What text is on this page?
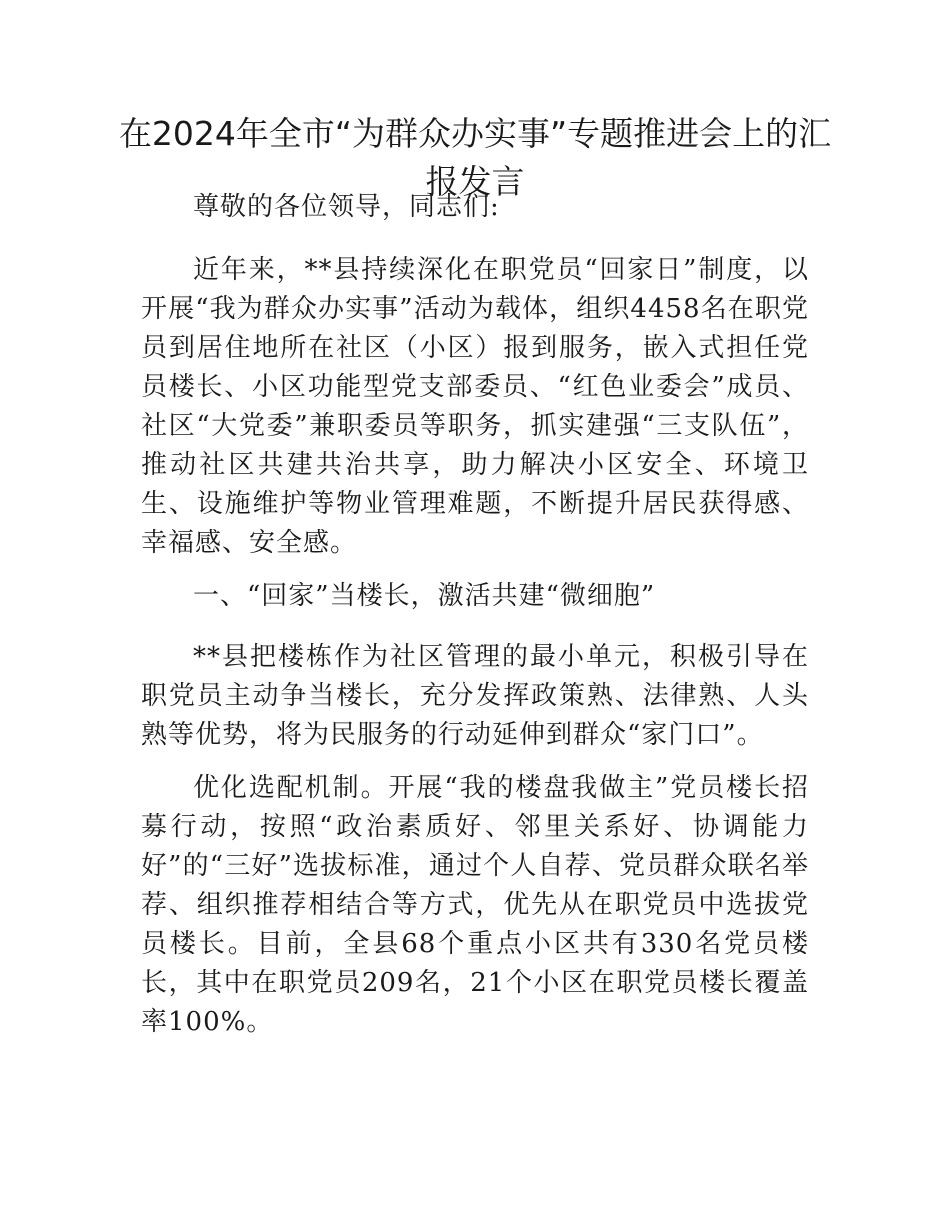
在2024年全市“为群众办实事”专题推进会上的汇报发言

尊敬的各位领导，同志们:

近年来，**县持续深化在职党员“回家日”制度，以开展“我为群众办实事”活动为载体，组织4458名在职党员到居住地所在社区（小区）报到服务，嵌入式担任党员楼长、小区功能型党支部委员、“红色业委会”成员、社区“大党委”兼职委员等职务，抓实建强“三支队伍”，推动社区共建共治共享，助力解决小区安全、环境卫生、设施维护等物业管理难题，不断提升居民获得感、幸福感、安全感。

一、“回家”当楼长，激活共建“微细胞”

**县把楼栋作为社区管理的最小单元，积极引导在职党员主动争当楼长，充分发挥政策熟、法律熟、人头熟等优势，将为民服务的行动延伸到群众“家门口”。

优化选配机制。开展“我的楼盘我做主”党员楼长招募行动，按照“政治素质好、邻里关系好、协调能力好”的“三好”选拔标准，通过个人自荐、党员群众联名举荐、组织推荐相结合等方式，优先从在职党员中选拔党员楼长。目前，全县68个重点小区共有330名党员楼长，其中在职党员209名，21个小区在职党员楼长覆盖率100%。
